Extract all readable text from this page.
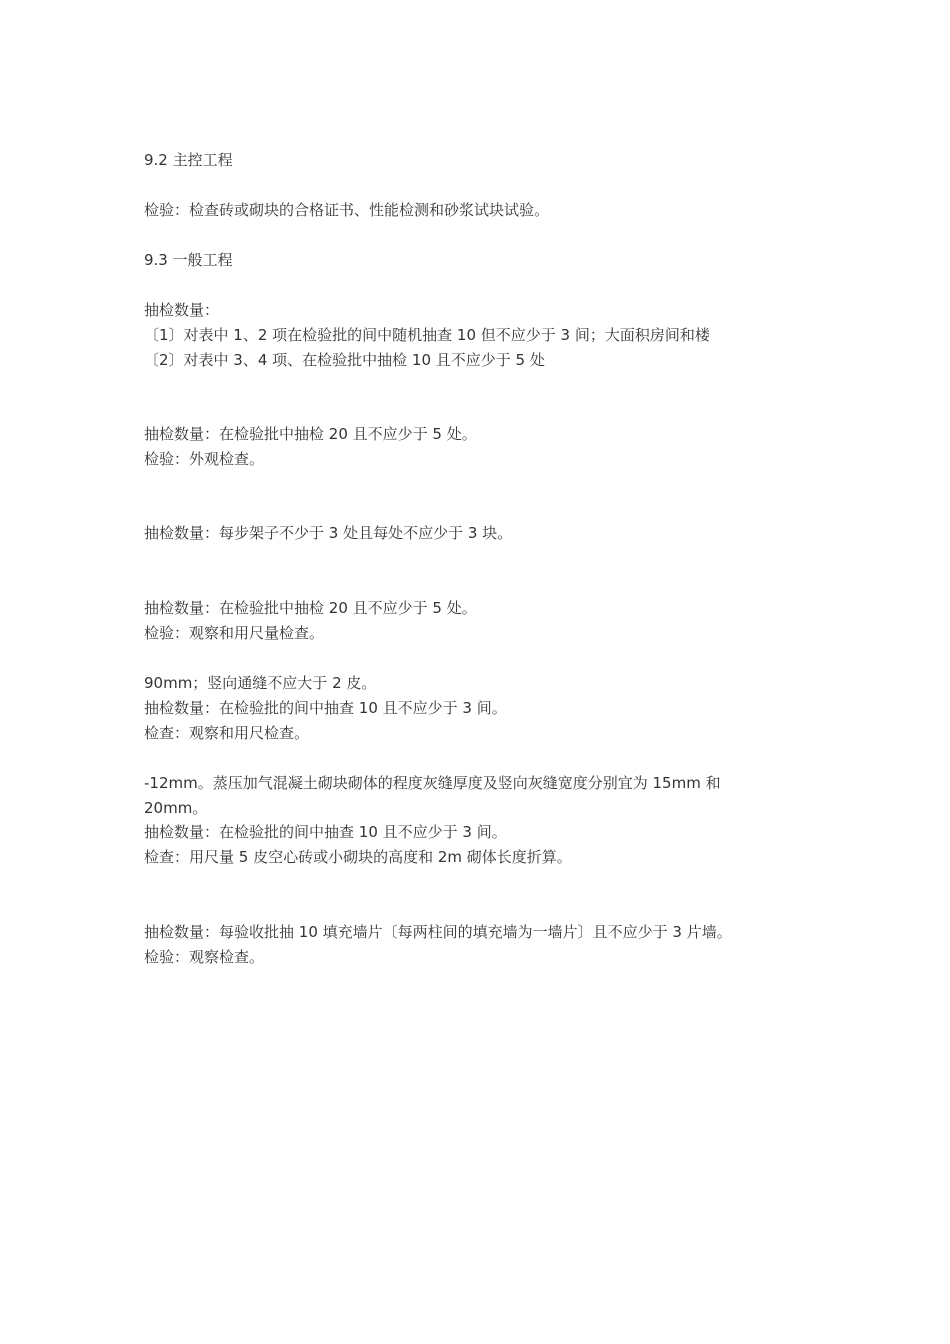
9.2 主控工程
检验：检查砖或砌块的合格证书、性能检测和砂浆试块试验。
9.3 一般工程
抽检数量：
〔1〕对表中 1、2 项在检验批的间中随机抽查 10 但不应少于 3 间；大面积房间和楼
〔2〕对表中 3、4 项、在检验批中抽检 10 且不应少于 5 处
抽检数量：在检验批中抽检 20 且不应少于 5 处。
检验：外观检查。
抽检数量：每步架子不少于 3 处且每处不应少于 3 块。
抽检数量：在检验批中抽检 20 且不应少于 5 处。
检验：观察和用尺量检查。
90mm；竖向通缝不应大于 2 皮。
抽检数量：在检验批的间中抽查 10 且不应少于 3 间。
检查：观察和用尺检查。
-12mm。蒸压加气混凝土砌块砌体的程度灰缝厚度及竖向灰缝宽度分别宜为 15mm 和
20mm。
抽检数量：在检验批的间中抽查 10 且不应少于 3 间。
检查：用尺量 5 皮空心砖或小砌块的高度和 2m 砌体长度折算。
抽检数量：每验收批抽 10 填充墙片〔每两柱间的填充墙为一墙片〕且不应少于 3 片墙。
检验：观察检查。
